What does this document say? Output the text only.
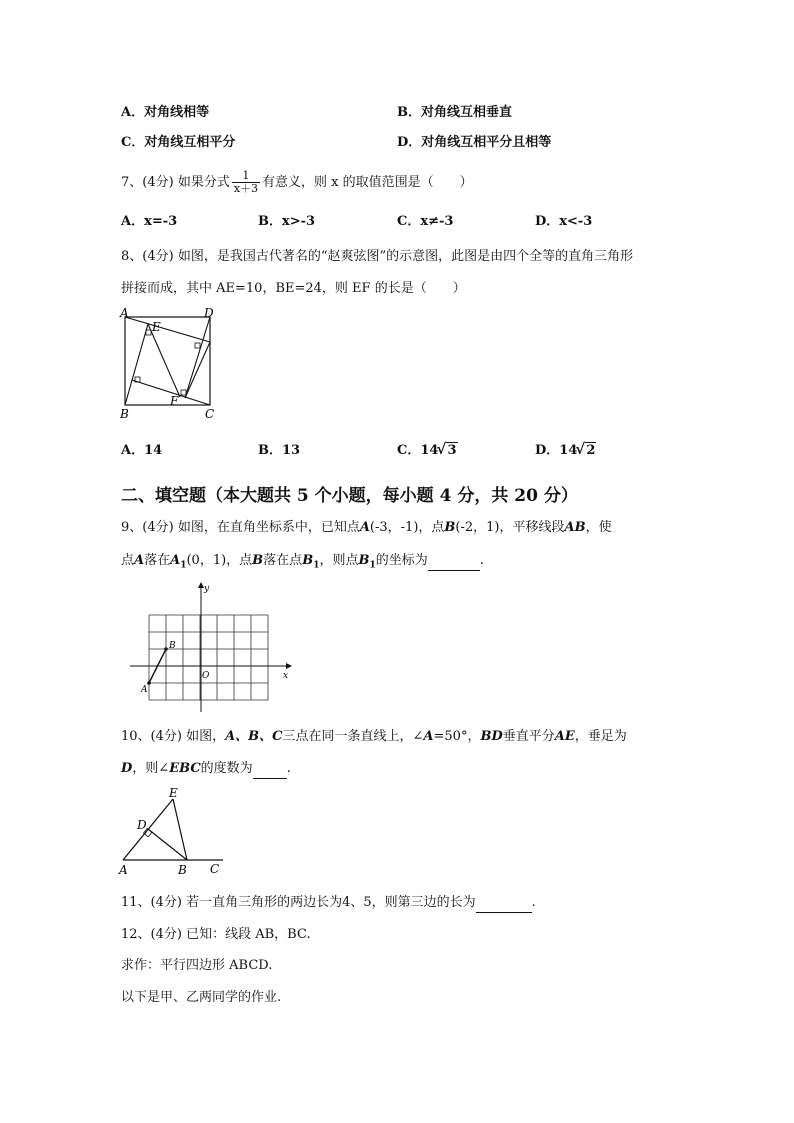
A．对角线相等	B．对角线互相垂直
C．对角线互相平分	D．对角线互相平分且相等
7、(4分) 如果分式 $\frac{1}{x+3}$ 有意义，则 x 的取值范围是（　　）
A．x=-3	B．x>-3	C．x≠-3	D．x<-3
8、(4分) 如图，是我国古代著名的“赵爽弦图”的示意图，此图是由四个全等的直角三角形
拼接而成，其中 AE=10，BE=24，则 EF 的长是（　　）
A	D
E
B
F
C
A．14	B．13	C．14 √ 3	D．14 √ 2
二、填空题（本大题共 5 个小题，每小题 4 分，共 20 分）
9、(4分) 如图，在直角坐标系中，已知点A(-3，-1)，点B(-2，1)，平移线段AB，使
点A落在$A_1(0$，1)，点B落在点$B_1$，则点$B_1$的坐标为	.
x
y
O
A
B
10、(4分) 如图，A、B、C三点在同一条直线上，∠A=50°，BD垂直平分AE，垂足为
D，则∠EBC的度数为	.
E
D
A	B C
11、(4分) 若一直角三角形的两边长为4、5，则第三边的长为	.
12、(4分) 已知：线段 AB，BC.
求作：平行四边形 ABCD.
以下是甲、乙两同学的作业.
